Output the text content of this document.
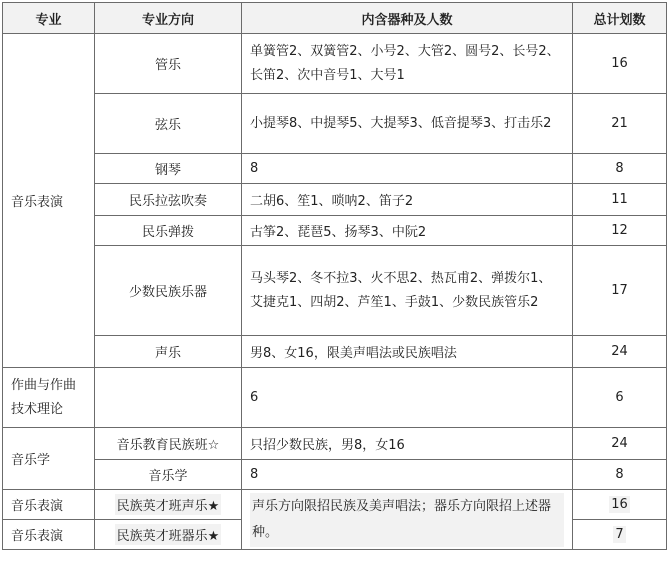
专业	专业方向	内含器种及人数	总计划数
音乐表演	管乐	单簧管2、双簧管2、小号2、大管2、圆号2、长号2、长笛2、次中音号1、大号1	16
	弦乐	小提琴8、中提琴5、大提琴3、低音提琴3、打击乐2	21
	钢琴	8	8
	民乐拉弦吹奏	二胡6、笙1、唢呐2、笛子2	11
	民乐弹拨	古筝2、琵琶5、扬琴3、中阮2	12
	少数民族乐器	马头琴2、冬不拉3、火不思2、热瓦甫2、弹拨尔1、艾捷克1、四胡2、芦笙1、手鼓1、少数民族管乐2	17
	声乐	男8、女16，限美声唱法或民族唱法	24
作曲与作曲技术理论		6	6
音乐学	音乐教育民族班☆	只招少数民族，男8，女16	24
	音乐学	8	8
音乐表演	民族英才班声乐★	声乐方向限招民族及美声唱法；器乐方向限招上述器种。	16
音乐表演	民族英才班器乐★		7
